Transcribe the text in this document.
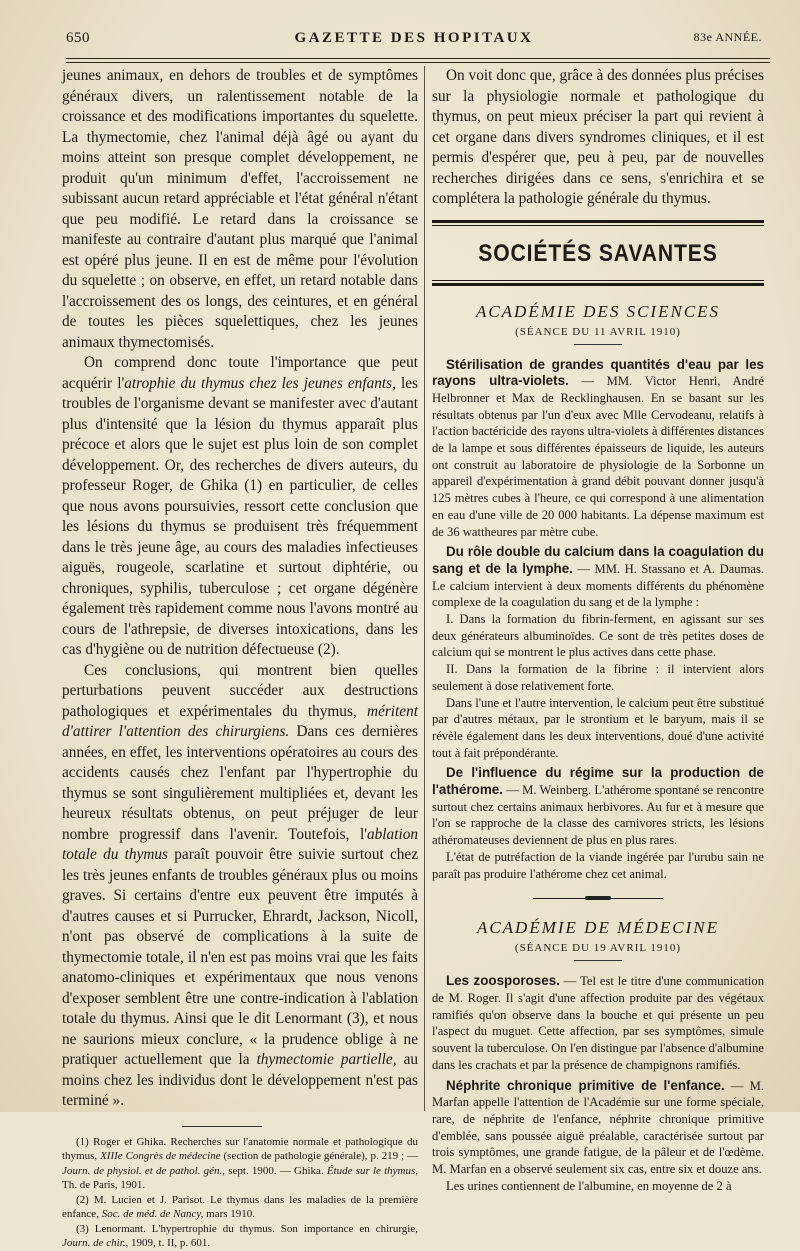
650	GAZETTE DES HOPITAUX	83e ANNÉE.

jeunes animaux, en dehors de troubles et de symptômes généraux divers, un ralentissement notable de la croissance et des modifications importantes du squelette. La thymectomie, chez l'animal déjà âgé ou ayant du moins atteint son presque complet développement, ne produit qu'un minimum d'effet, l'accroissement ne subissant aucun retard appréciable et l'état général n'étant que peu modifié. Le retard dans la croissance se manifeste au contraire d'autant plus marqué que l'animal est opéré plus jeune. Il en est de même pour l'évolution du squelette ; on observe, en effet, un retard notable dans l'accroissement des os longs, des ceintures, et en général de toutes les pièces squelettiques, chez les jeunes animaux thymectomisés.

On comprend donc toute l'importance que peut acquérir l'atrophie du thymus chez les jeunes enfants, les troubles de l'organisme devant se manifester avec d'autant plus d'intensité que la lésion du thymus apparaît plus précoce et alors que le sujet est plus loin de son complet développement. Or, des recherches de divers auteurs, du professeur Roger, de Ghika (1) en particulier, de celles que nous avons poursuivies, ressort cette conclusion que les lésions du thymus se produisent très fréquemment dans le très jeune âge, au cours des maladies infectieuses aiguës, rougeole, scarlatine et surtout diphtérie, ou chroniques, syphilis, tuberculose ; cet organe dégénère également très rapidement comme nous l'avons montré au cours de l'athrepsie, de diverses intoxications, dans les cas d'hygiène ou de nutrition défectueuse (2).

Ces conclusions, qui montrent bien quelles perturbations peuvent succéder aux destructions pathologiques et expérimentales du thymus, méritent d'attirer l'attention des chirurgiens. Dans ces dernières années, en effet, les interventions opératoires au cours des accidents causés chez l'enfant par l'hypertrophie du thymus se sont singulièrement multipliées et, devant les heureux résultats obtenus, on peut préjuger de leur nombre progressif dans l'avenir. Toutefois, l'ablation totale du thymus paraît pouvoir être suivie surtout chez les très jeunes enfants de troubles généraux plus ou moins graves. Si certains d'entre eux peuvent être imputés à d'autres causes et si Purrucker, Ehrardt, Jackson, Nicoll, n'ont pas observé de complications à la suite de thymectomie totale, il n'en est pas moins vrai que les faits anatomo-cliniques et expérimentaux que nous venons d'exposer semblent être une contre-indication à l'ablation totale du thymus. Ainsi que le dit Lenormant (3), et nous ne saurions mieux conclure, « la prudence oblige à ne pratiquer actuellement que la thymectomie partielle, au moins chez les individus dont le développement n'est pas terminé ».

(1) Roger et Ghika. Recherches sur l'anatomie normale et pathologique du thymus, XIIIe Congrès de médecine (section de pathologie générale), p. 219 ; — Journ. de physiol. et de pathol. gén., sept. 1900. — Ghika. Étude sur le thymus, Th. de Paris, 1901.

(2) M. Lucien et J. Parisot. Le thymus dans les maladies de la première enfance, Soc. de méd. de Nancy, mars 1910.

(3) Lenormant. L'hypertrophie du thymus. Son importance en chirurgie, Journ. de chir., 1909, t. II, p. 601.

On voit donc que, grâce à des données plus précises sur la physiologie normale et pathologique du thymus, on peut mieux préciser la part qui revient à cet organe dans divers syndromes cliniques, et il est permis d'espérer que, peu à peu, par de nouvelles recherches dirigées dans ce sens, s'enrichira et se complétera la pathologie générale du thymus.

SOCIÉTÉS SAVANTES
ACADÉMIE DES SCIENCES
(SÉANCE DU 11 AVRIL 1910)

Stérilisation de grandes quantités d'eau par les rayons ultra-violets. — MM. Victor Henri, André Helbronner et Max de Recklinghausen. En se basant sur les résultats obtenus par l'un d'eux avec Mlle Cervodeanu, relatifs à l'action bactéricide des rayons ultra-violets à différentes distances de la lampe et sous différentes épaisseurs de liquide, les auteurs ont construit au laboratoire de physiologie de la Sorbonne un appareil d'expérimentation à grand débit pouvant donner jusqu'à 125 mètres cubes à l'heure, ce qui correspond à une alimentation en eau d'une ville de 20 000 habitants. La dépense maximum est de 36 wattheures par mètre cube.

Du rôle double du calcium dans la coagulation du sang et de la lymphe. — MM. H. Stassano et A. Daumas. Le calcium intervient à deux moments différents du phénomène complexe de la coagulation du sang et de la lymphe :

I. Dans la formation du fibrin-ferment, en agissant sur ses deux générateurs albuminoïdes. Ce sont de très petites doses de calcium qui se montrent le plus actives dans cette phase.

II. Dans la formation de la fibrine : il intervient alors seulement à dose relativement forte.

Dans l'une et l'autre intervention, le calcium peut être substitué par d'autres métaux, par le strontium et le baryum, mais il se révèle également dans les deux interventions, doué d'une activité tout à fait prépondérante.

De l'influence du régime sur la production de l'athérome. — M. Weinberg. L'athérome spontané se rencontre surtout chez certains animaux herbivores. Au fur et à mesure que l'on se rapproche de la classe des carnivores stricts, les lésions athéromateuses deviennent de plus en plus rares.

L'état de putréfaction de la viande ingérée par l'urubu sain ne paraît pas produire l'athérome chez cet animal.

ACADÉMIE DE MÉDECINE
(SÉANCE DU 19 AVRIL 1910)

Les zoosporoses. — Tel est le titre d'une communication de M. Roger. Il s'agit d'une affection produite par des végétaux ramifiés qu'on observe dans la bouche et qui présente un peu l'aspect du muguet. Cette affection, par ses symptômes, simule souvent la tuberculose. On l'en distingue par l'absence d'albumine dans les crachats et par la présence de champignons ramifiés.

Néphrite chronique primitive de l'enfance. — M. Marfan appelle l'attention de l'Académie sur une forme spéciale, rare, de néphrite de l'enfance, néphrite chronique primitive d'emblée, sans poussée aiguë préalable, caractérisée surtout par trois symptômes, une grande fatigue, de la pâleur et de l'œdème. M. Marfan en a observé seulement six cas, entre six et douze ans.

Les urines contiennent de l'albumine, en moyenne de 2 à
